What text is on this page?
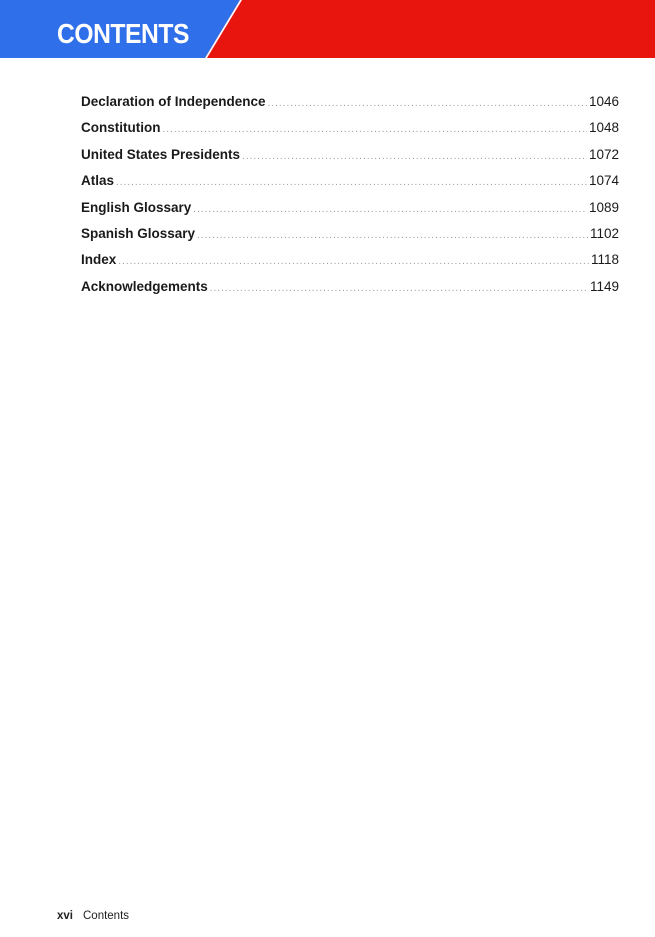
CONTENTS
Declaration of Independence .....	1046
Constitution .....	1048
United States Presidents .....	1072
Atlas .....	1074
English Glossary .....	1089
Spanish Glossary .....	1102
Index .....	1118
Acknowledgements .....	1149
xvi Contents
